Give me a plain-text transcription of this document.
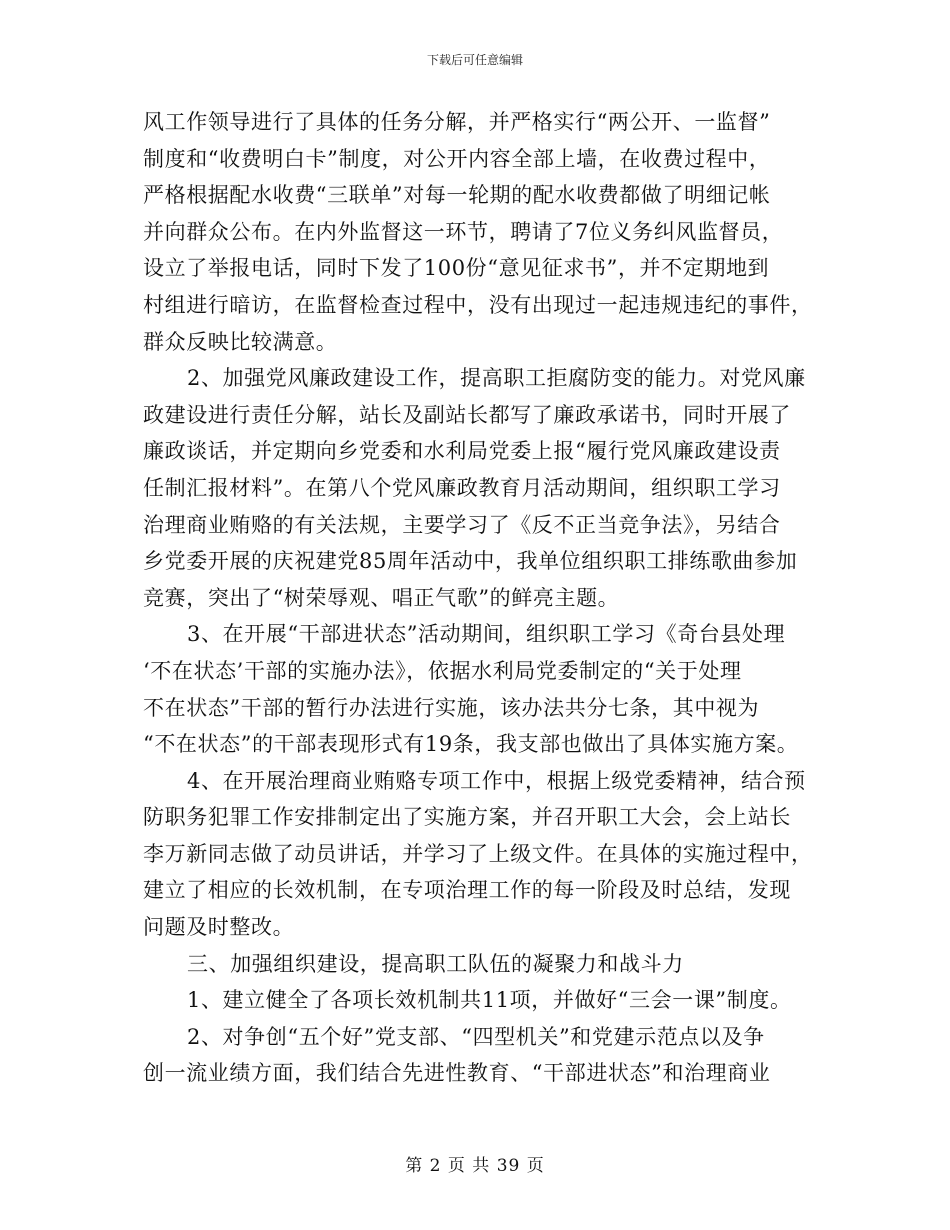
下载后可任意编辑
风工作领导进行了具体的任务分解，并严格实行“两公开、一监督”
制度和“收费明白卡”制度，对公开内容全部上墙，在收费过程中，
严格根据配水收费“三联单”对每一轮期的配水收费都做了明细记帐
并向群众公布。在内外监督这一环节，聘请了7位义务纠风监督员，
设立了举报电话，同时下发了100份“意见征求书”，并不定期地到
村组进行暗访，在监督检查过程中，没有出现过一起违规违纪的事件，
群众反映比较满意。
2、加强党风廉政建设工作，提高职工拒腐防变的能力。对党风廉
政建设进行责任分解，站长及副站长都写了廉政承诺书，同时开展了
廉政谈话，并定期向乡党委和水利局党委上报“履行党风廉政建设责
任制汇报材料”。在第八个党风廉政教育月活动期间，组织职工学习
治理商业贿赂的有关法规，主要学习了《反不正当竞争法》，另结合
乡党委开展的庆祝建党85周年活动中，我单位组织职工排练歌曲参加
竞赛，突出了“树荣辱观、唱正气歌”的鲜亮主题。
3、在开展“干部进状态”活动期间，组织职工学习《奇台县处理
‘不在状态’干部的实施办法》，依据水利局党委制定的“关于处理
不在状态”干部的暂行办法进行实施，该办法共分七条，其中视为
“不在状态”的干部表现形式有19条，我支部也做出了具体实施方案。
4、在开展治理商业贿赂专项工作中，根据上级党委精神，结合预
防职务犯罪工作安排制定出了实施方案，并召开职工大会，会上站长
李万新同志做了动员讲话，并学习了上级文件。在具体的实施过程中，
建立了相应的长效机制，在专项治理工作的每一阶段及时总结，发现
问题及时整改。
三、加强组织建设，提高职工队伍的凝聚力和战斗力
1、建立健全了各项长效机制共11项，并做好“三会一课”制度。
2、对争创“五个好”党支部、“四型机关”和党建示范点以及争
创一流业绩方面，我们结合先进性教育、“干部进状态”和治理商业
第 2 页 共 39 页
